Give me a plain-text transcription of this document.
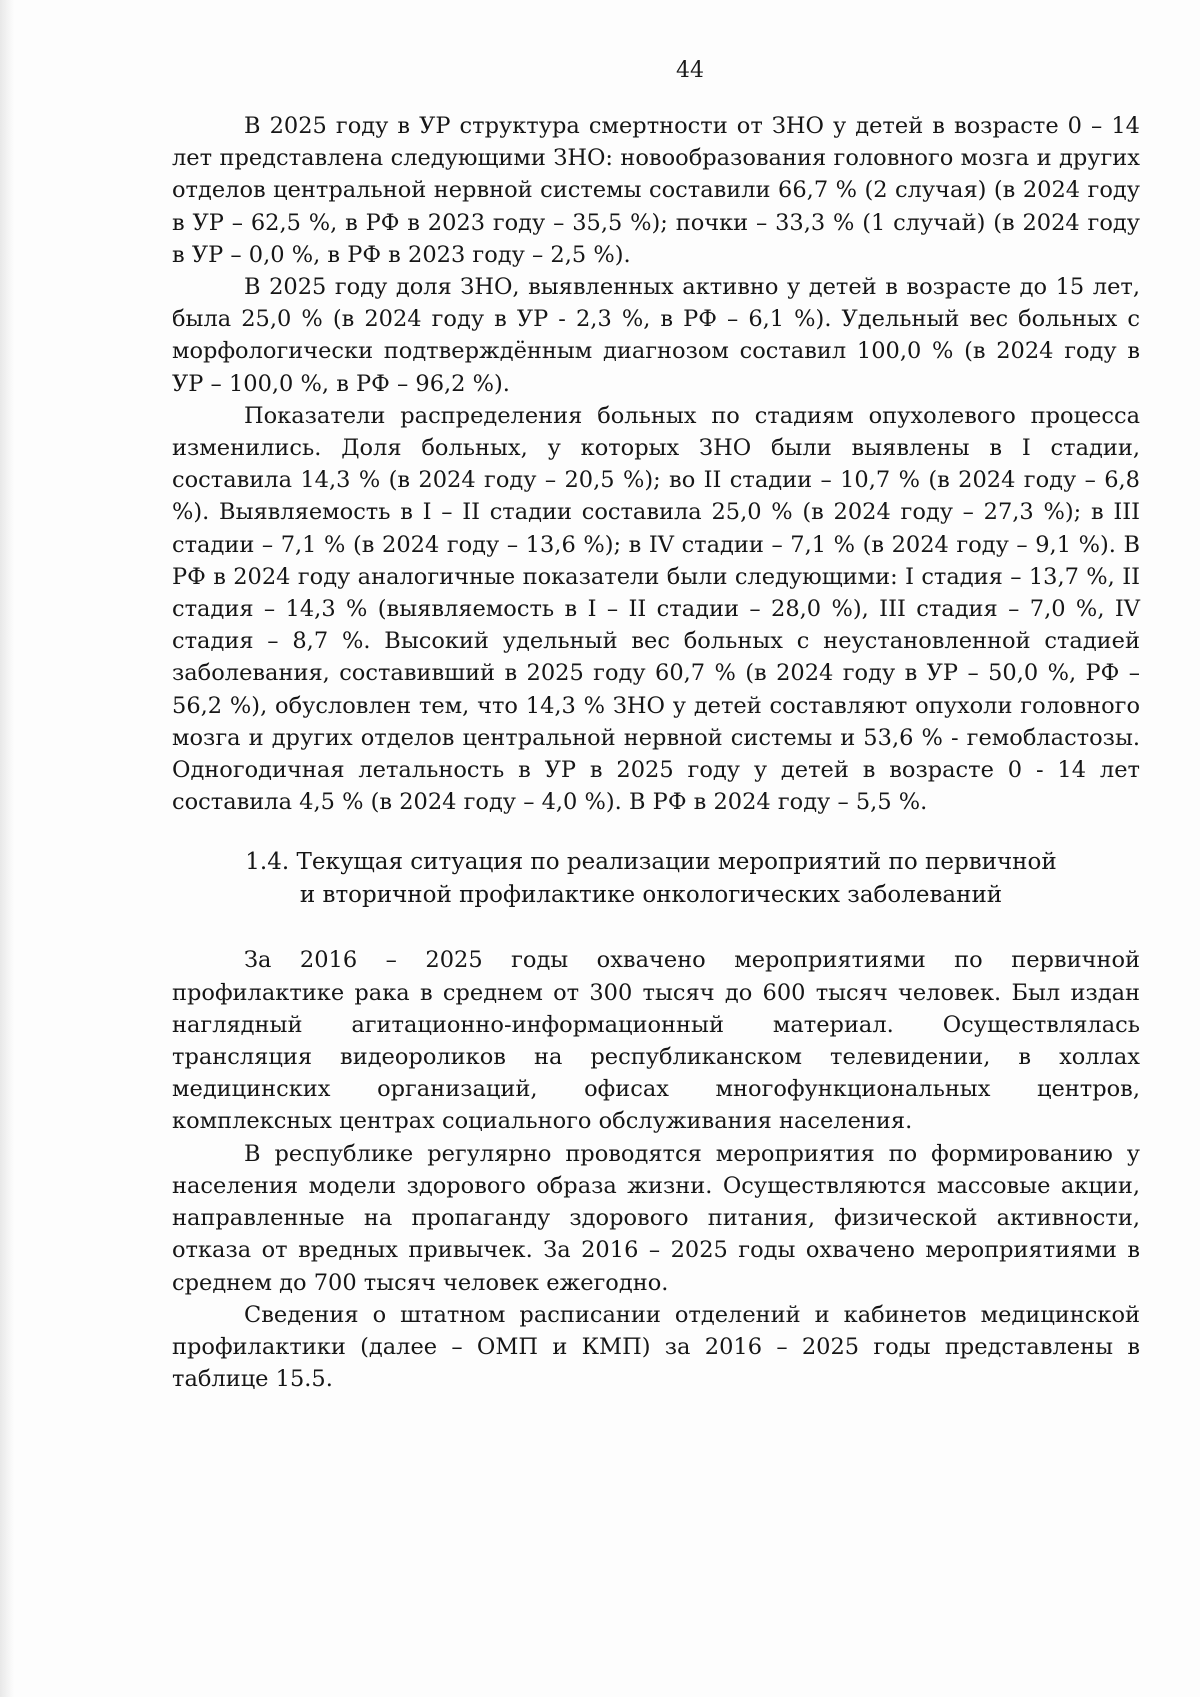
44

В 2025 году в УР структура смертности от ЗНО у детей в возрасте 0 – 14 лет представлена следующими ЗНО: новообразования головного мозга и других отделов центральной нервной системы составили 66,7 % (2 случая) (в 2024 году в УР – 62,5 %, в РФ в 2023 году – 35,5 %); почки – 33,3 % (1 случай) (в 2024 году в УР – 0,0 %, в РФ в 2023 году – 2,5 %).

В 2025 году доля ЗНО, выявленных активно у детей в возрасте до 15 лет, была 25,0 % (в 2024 году в УР - 2,3 %, в РФ – 6,1 %). Удельный вес больных с морфологически подтверждённым диагнозом составил 100,0 % (в 2024 году в УР – 100,0 %, в РФ – 96,2 %).

Показатели распределения больных по стадиям опухолевого процесса изменились. Доля больных, у которых ЗНО были выявлены в I стадии, составила 14,3 % (в 2024 году – 20,5 %); во II стадии – 10,7 % (в 2024 году – 6,8 %). Выявляемость в I – II стадии составила 25,0 % (в 2024 году – 27,3 %); в III стадии – 7,1 % (в 2024 году – 13,6 %); в IV стадии – 7,1 % (в 2024 году – 9,1 %). В РФ в 2024 году аналогичные показатели были следующими: I стадия – 13,7 %, II стадия – 14,3 % (выявляемость в I – II стадии – 28,0 %), III стадия – 7,0 %, IV стадия – 8,7 %. Высокий удельный вес больных с неустановленной стадией заболевания, составивший в 2025 году 60,7 % (в 2024 году в УР – 50,0 %, РФ – 56,2 %), обусловлен тем, что 14,3 % ЗНО у детей составляют опухоли головного мозга и других отделов центральной нервной системы и 53,6 % - гемобластозы. Одногодичная летальность в УР в 2025 году у детей в возрасте 0 - 14 лет составила 4,5 % (в 2024 году – 4,0 %). В РФ в 2024 году – 5,5 %.

1.4. Текущая ситуация по реализации мероприятий по первичной
и вторичной профилактике онкологических заболеваний

За 2016 – 2025 годы охвачено мероприятиями по первичной профилактике рака в среднем от 300 тысяч до 600 тысяч человек. Был издан наглядный агитационно-информационный материал. Осуществлялась трансляция видеороликов на республиканском телевидении, в холлах медицинских организаций, офисах многофункциональных центров, комплексных центрах социального обслуживания населения.

В республике регулярно проводятся мероприятия по формированию у населения модели здорового образа жизни. Осуществляются массовые акции, направленные на пропаганду здорового питания, физической активности, отказа от вредных привычек. За 2016 – 2025 годы охвачено мероприятиями в среднем до 700 тысяч человек ежегодно.

Сведения о штатном расписании отделений и кабинетов медицинской профилактики (далее – ОМП и КМП) за 2016 – 2025 годы представлены в таблице 15.5.
